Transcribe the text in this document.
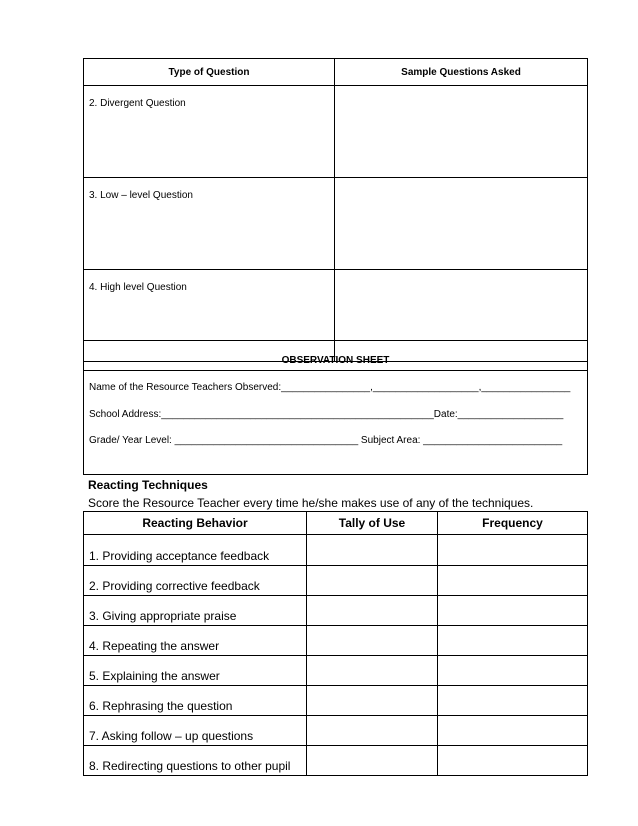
Type of Question	Sample Questions Asked
2. Divergent Question	
3. Low – level Question	
4. High level Question	
OBSERVATION SHEET
Name of the Resource Teachers Observed:________________,___________________,________________
School Address:_________________________________________________Date:___________________
Grade/ Year Level: _________________________________ Subject Area: _________________________
Reacting Techniques
Score the Resource Teacher every time he/she makes use of any of the techniques.
Reacting Behavior	Tally of Use	Frequency
1. Providing acceptance feedback		
2. Providing corrective feedback		
3. Giving appropriate praise		
4. Repeating the answer		
5. Explaining the answer		
6. Rephrasing the question		
7. Asking follow – up questions		
8. Redirecting questions to other pupil		
